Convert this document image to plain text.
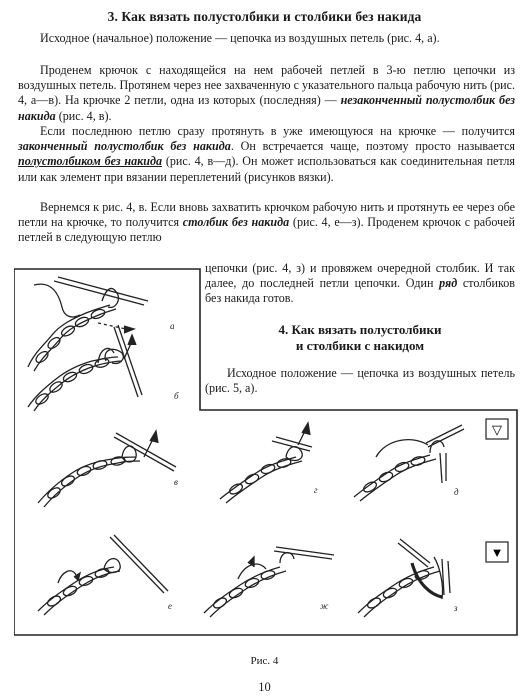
3. Как вязать полустолбики и столбики без накида

Исходное (начальное) положение — цепочка из воздушных петель (рис. 4, а).

Проденем крючок с находящейся на нем рабочей петлей в 3-ю петлю цепочки из воздушных петель. Протянем через нее захваченную с указательного пальца рабочую нить (рис. 4, а—в). На крючке 2 петли, одна из которых (последняя) — незаконченный полустолбик без накида (рис. 4, в).

Если последнюю петлю сразу протянуть в уже имеющуюся на крючке — получится законченный полустолбик без накида. Он встречается чаще, поэтому просто называется полустолбиком без накида (рис. 4, в—д). Он может использоваться как соединительная петля или как элемент при вязании переплетений (рисунков вязки).

Вернемся к рис. 4, в. Если вновь захватить крючком рабочую нить и протянуть ее через обе петли на крючке, то получится столбик без накида (рис. 4, е—з). Проденем крючок с рабочей петлей в следующую петлю

цепочки (рис. 4, з) и провяжем очередной столбик. И так далее, до последней петли цепочки. Один ряд столбиков без накида готов.

4. Как вязать полустолбики
и столбики с накидом

Исходное положение — цепочка из воздушных петель (рис. 5, а).

▽
▼
а
б
в
г	д
е	ж	з
Рис. 4
10
